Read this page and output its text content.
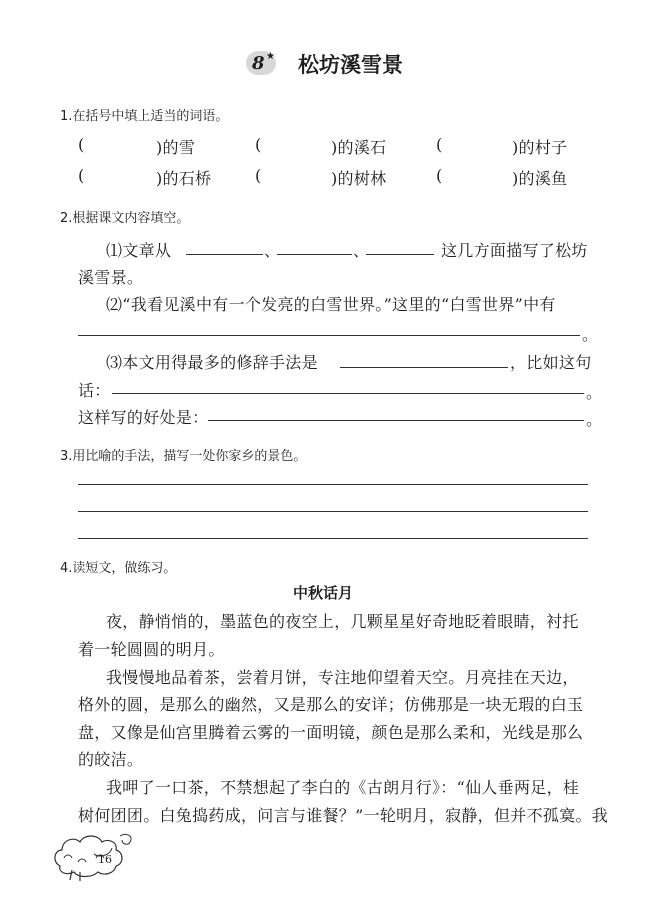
8 ★ 松坊溪雪景
1.在括号中填上适当的词语。
(	)的雪	(	)的溪石	(	)的村子
(	)的石桥	(	)的树林	(	)的溪鱼
2.根据课文内容填空。
⑴文章从	、	、	这几方面描写了松坊
溪雪景。
⑵“我看见溪中有一个发亮的白雪世界。”这里的“白雪世界”中有
。
⑶本文用得最多的修辞手法是	，比如这句
话：	。
这样写的好处是：	。
3.用比喻的手法，描写一处你家乡的景色。
4.读短文，做练习。
中秋话月
夜，静悄悄的，墨蓝色的夜空上，几颗星星好奇地眨着眼睛，衬托
着一轮圆圆的明月。
我慢慢地品着茶，尝着月饼，专注地仰望着天空。月亮挂在天边，
格外的圆，是那么的幽然，又是那么的安详；仿佛那是一块无瑕的白玉
盘，又像是仙宫里腾着云雾的一面明镜，颜色是那么柔和，光线是那么
的皎洁。
我呷了一口茶，不禁想起了李白的《古朗月行》：“仙人垂两足，桂
树何团团。白兔捣药成，问言与谁餐？”一轮明月，寂静，但并不孤寞。我
16
